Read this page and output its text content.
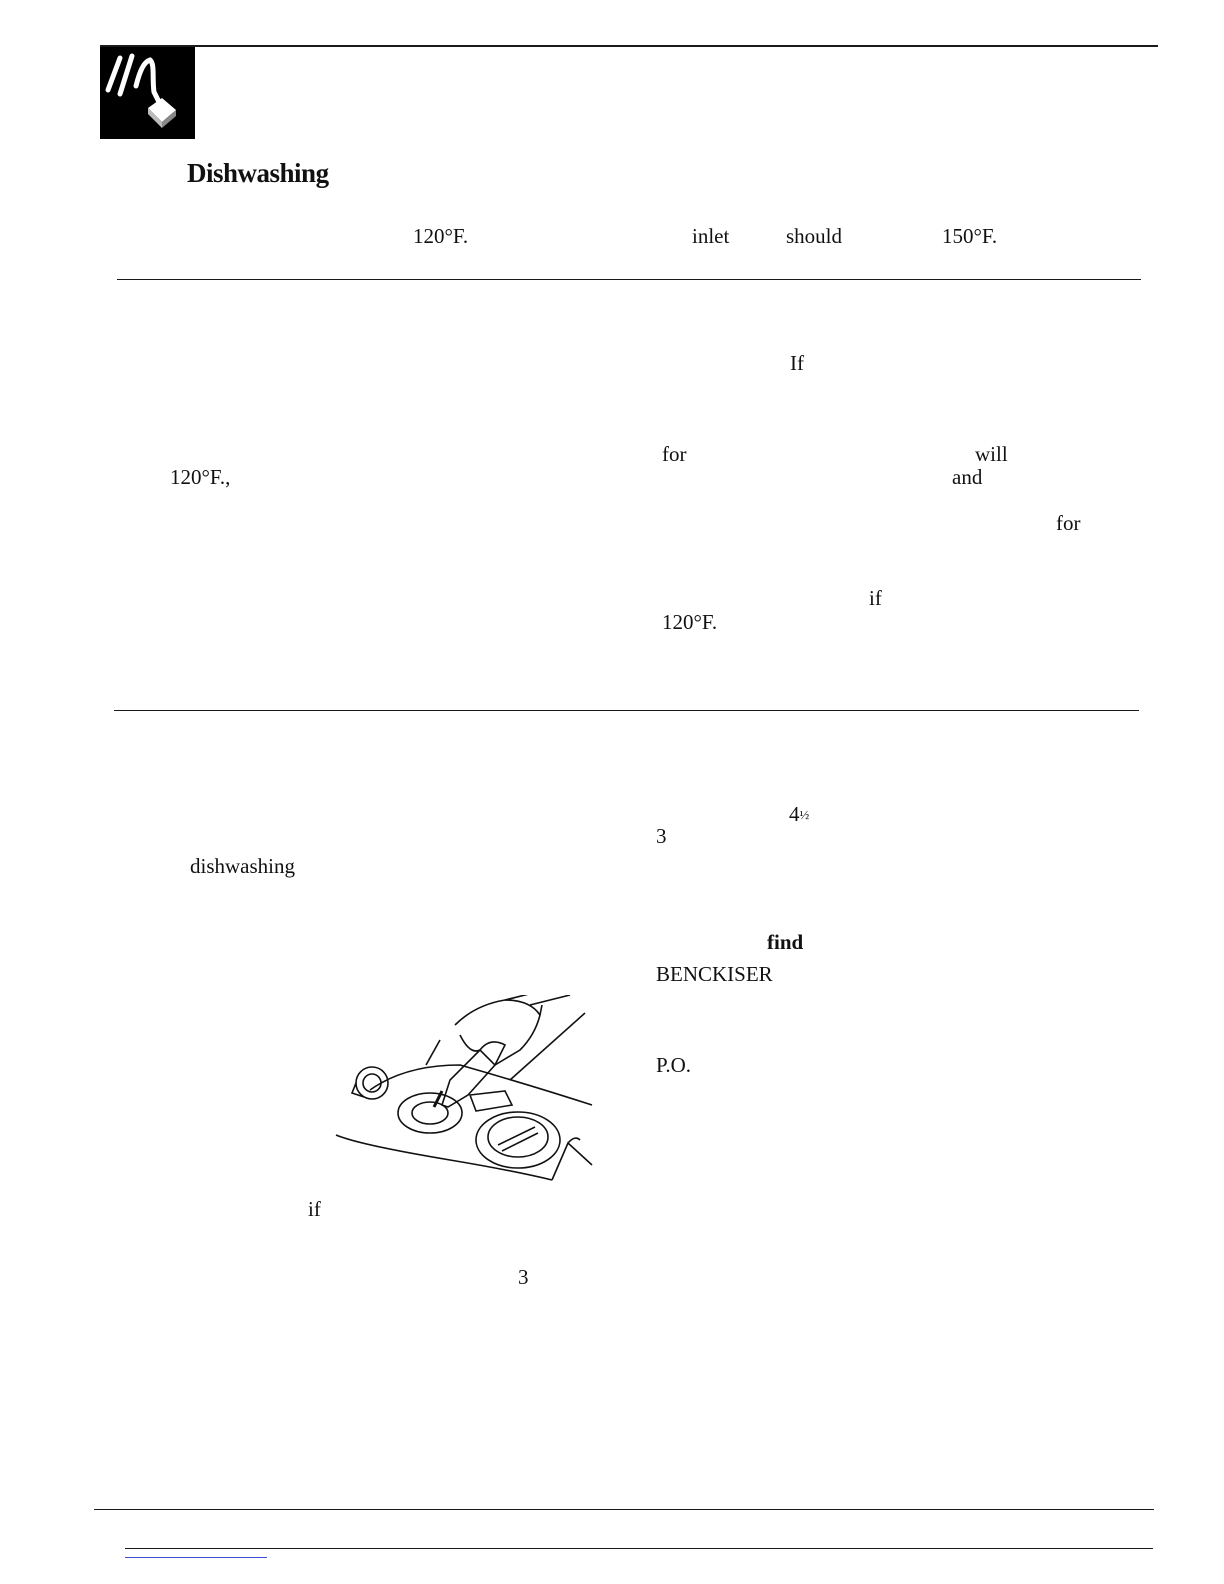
Dishwashing
120°F.	inlet	should	150°F.
120°F.,
If
for	will
and
for
if
120°F.
dishwashing
if
3
4½
3
find
BENCKISER
P.O.
